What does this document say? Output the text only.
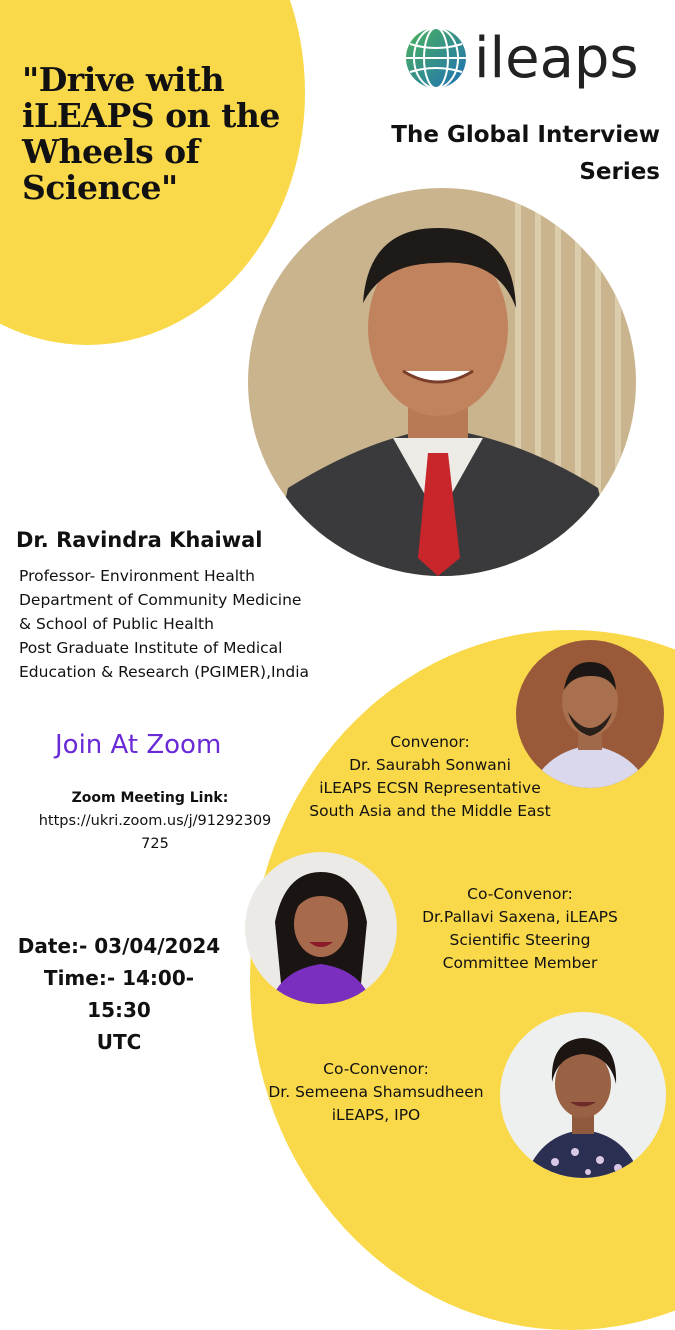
"Drive with
iLEAPS on the
Wheels of
Science"
ileaps
The Global Interview
Series
Dr. Ravindra Khaiwal
Professor- Environment Health
Department of Community Medicine
& School of Public Health
Post Graduate Institute of Medical
Education & Research (PGIMER),India
Join At Zoom
Zoom Meeting Link:
https://ukri.zoom.us/j/91292309
725
Date:- 03/04/2024
Time:- 14:00-15:30
UTC
Convenor:
Dr. Saurabh Sonwani
iLEAPS ECSN Representative
South Asia and the Middle East
Co-Convenor:
Dr.Pallavi Saxena, iLEAPS
Scientific Steering
Committee Member
Co-Convenor:
Dr. Semeena Shamsudheen
iLEAPS, IPO
